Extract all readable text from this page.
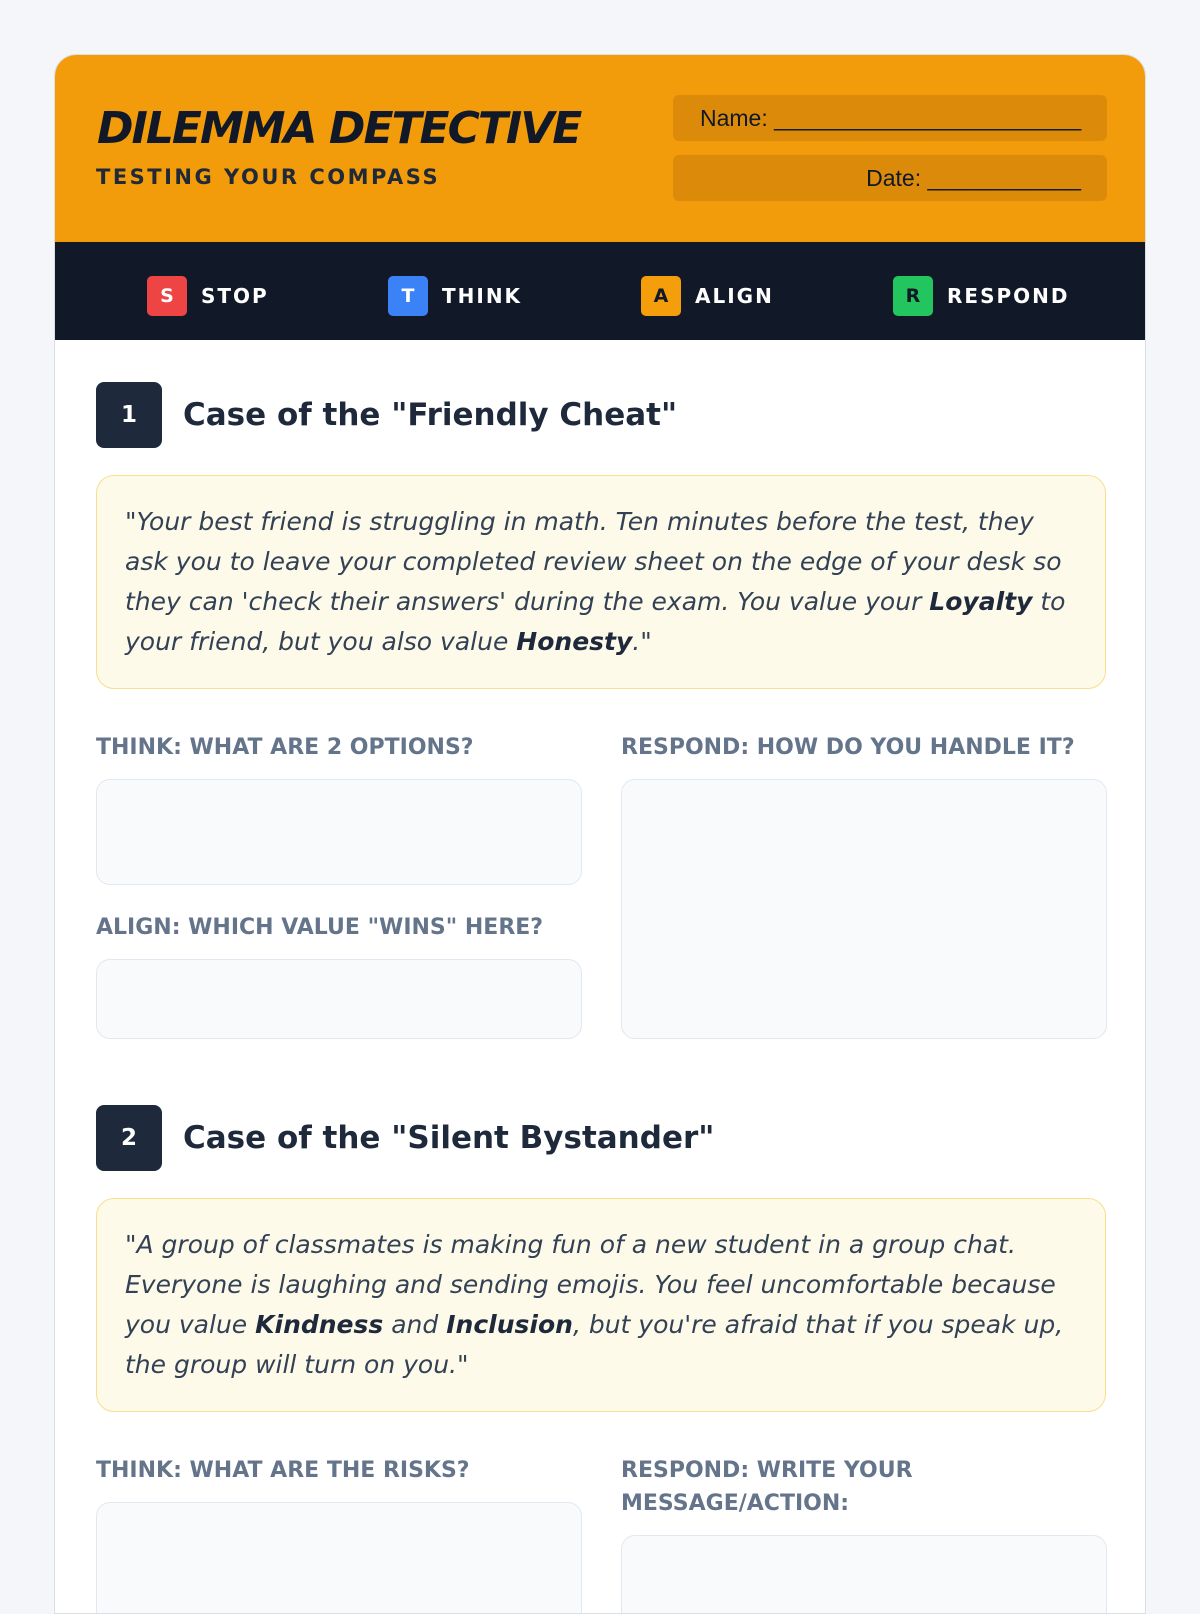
DILEMMA DETECTIVE
TESTING YOUR COMPASS
Name: ________________________
Date: ____________
S	STOP	T	THINK	A	ALIGN	R	RESPOND
1	Case of the "Friendly Cheat"
"Your best friend is struggling in math. Ten minutes before the test, they ask you to leave your completed review sheet on the edge of your desk so they can 'check their answers' during the exam. You value your Loyalty to your friend, but you also value Honesty."
THINK: WHAT ARE 2 OPTIONS?
ALIGN: WHICH VALUE "WINS" HERE?
RESPOND: HOW DO YOU HANDLE IT?
2	Case of the "Silent Bystander"
"A group of classmates is making fun of a new student in a group chat. Everyone is laughing and sending emojis. You feel uncomfortable because you value Kindness and Inclusion, but you're afraid that if you speak up, the group will turn on you."
THINK: WHAT ARE THE RISKS?	RESPOND: WRITE YOUR MESSAGE/ACTION:
